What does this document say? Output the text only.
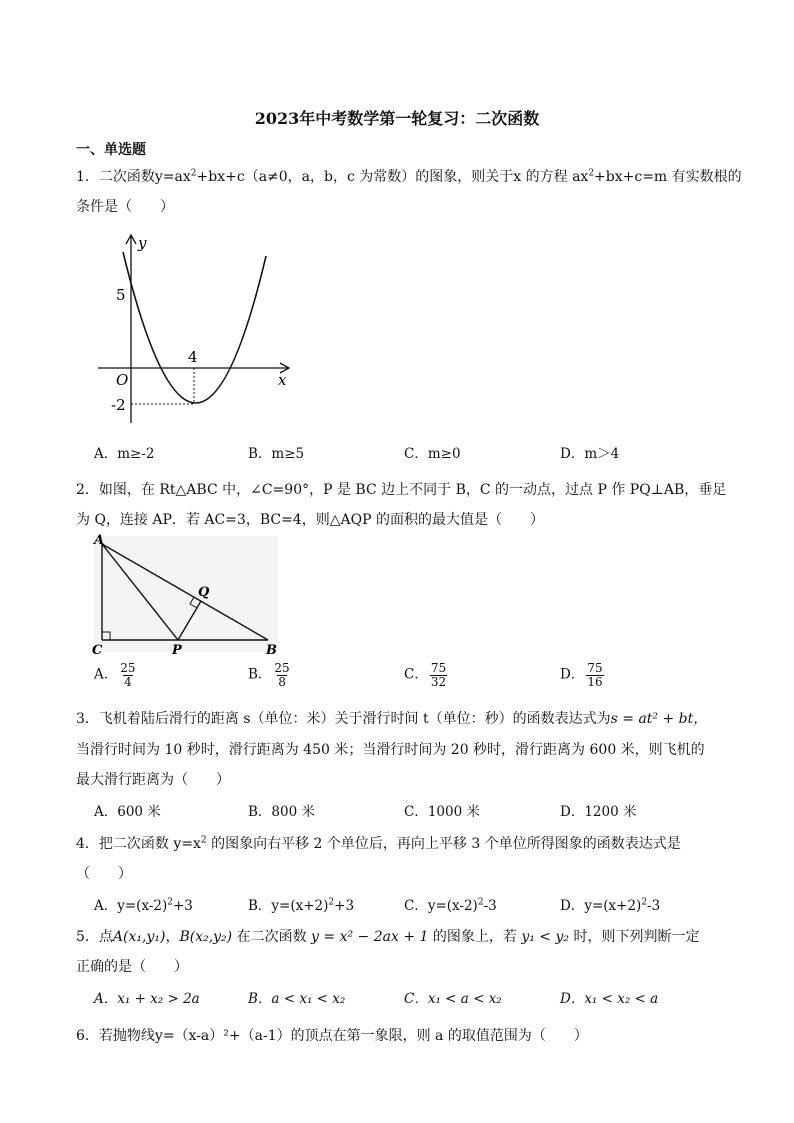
2023年中考数学第一轮复习：二次函数
一、单选题
1．二次函数$y=ax^2+bx+c(a\ne 0$，a，b，c 为常数）的图象，则关于x 的方程 $ax^2+bx+c=m$ 有实数根的
条件是（　　）
y
x
O
5
4
-2
A．m≥-2	B．m≥5	C．m≥0	D．m＞4
2．如图，在 Rt△ABC 中，∠C=90°，P 是 BC 边上不同于 B，C 的一动点，过点 P 作 PQ⊥AB，垂足
为 Q，连接 AP．若 AC=3，BC=4，则△AQP 的面积的最大值是（　　）
A
C	P
Q
B
A． $\frac{25}{4}$	B． $\frac{25}{8}$	C． $\frac{75}{32}$	D． $\frac{75}{16}$
3．飞机着陆后滑行的距离 s（单位：米）关于滑行时间 t（单位：秒）的函数表达式为s = at² + bt，
当滑行时间为 10 秒时，滑行距离为 450 米；当滑行时间为 20 秒时，滑行距离为 600 米，则飞机的
最大滑行距离为（　　）
A．600 米	B．800 米	C．1000 米	D．1200 米
4．把二次函数 $y=x^2$ 的图象向右平移 2 个单位后，再向上平移 3 个单位所得图象的函数表达式是
（　　）
A．$y=(x-2)^2+3$	B．$y=(x+2)^2+3$	C．$y=(x-2)^2-3$	D．$y=(x+2)^2-3$
5．点A(x₁,y₁)，B(x₂,y₂) 在二次函数 y = x² − 2ax + 1 的图象上，若 y₁ < y₂ 时，则下列判断一定
正确的是（　　）
A．x₁ + x₂ > 2a	B．a < x₁ < x₂	C．x₁ < a < x₂	D．x₁ < x₂ < a
6．若抛物线y=（x-a）²+（a-1）的顶点在第一象限，则 a 的取值范围为（　　）
